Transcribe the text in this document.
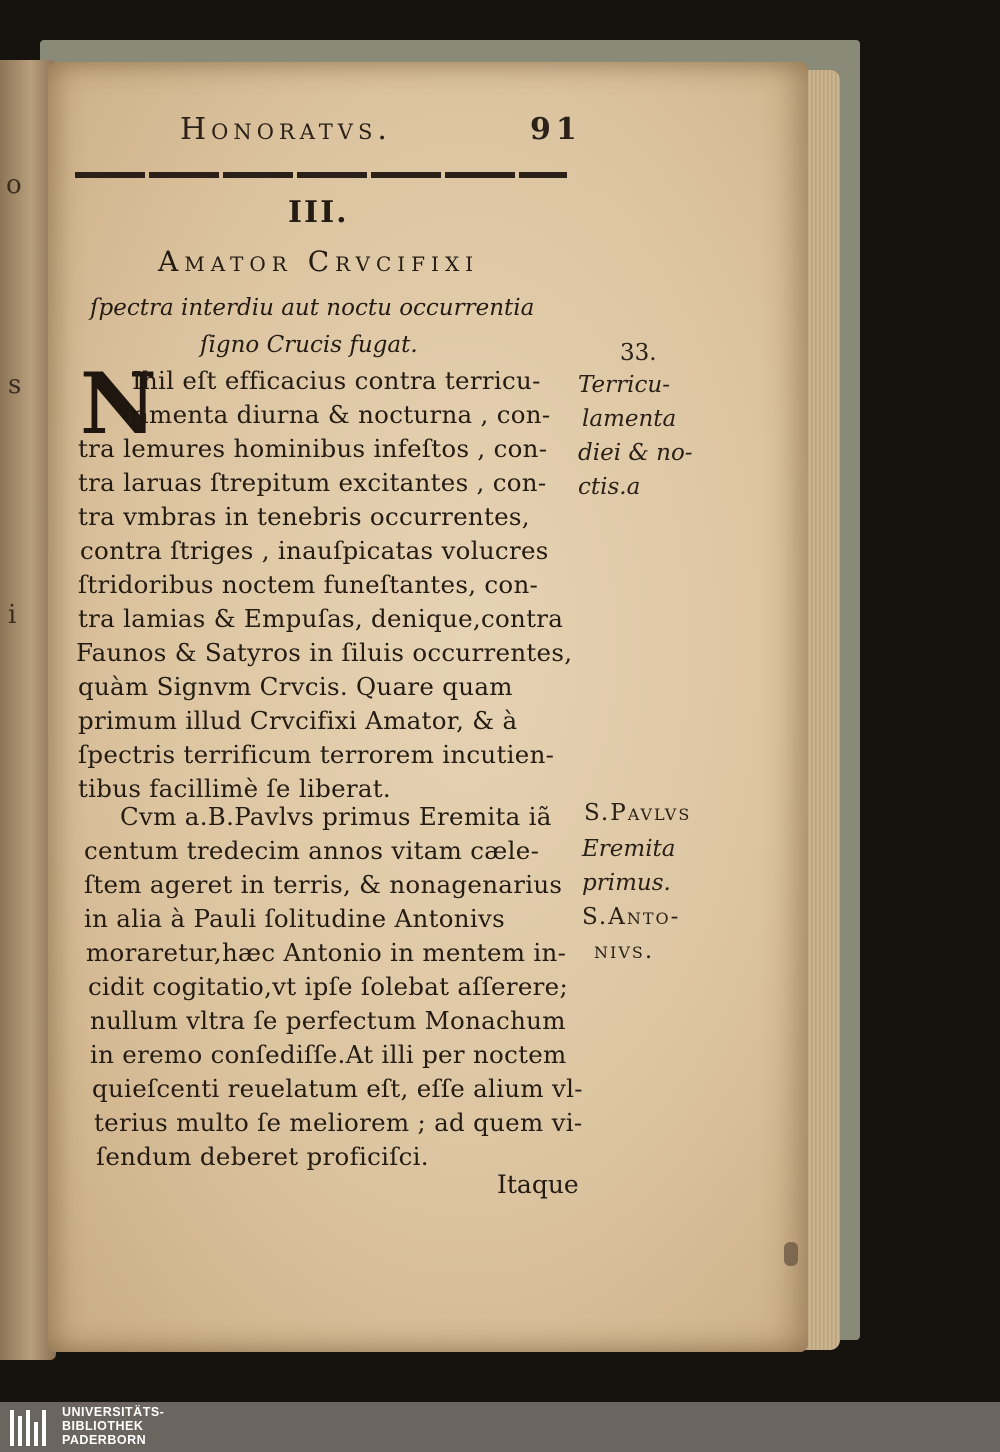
o
s
i
Honoratvs.	91
III.
Amator Crvcifixi
ſpectra interdiu aut noctu occurrentia
ſigno Crucis fugat.
N
Ihil eſt efficacius contra terricu-
lamenta diurna & nocturna , con-
tra lemures hominibus infeſtos , con-
tra laruas ſtrepitum excitantes , con-
tra vmbras in tenebris occurrentes,
contra ſtriges , inauſpicatas volucres
ſtridoribus noctem funeſtantes, con-
tra lamias & Empuſas, denique,contra
Faunos & Satyros in ſiluis occurrentes,
quàm Signvm Crvcis. Quare quam
primum illud Crvcifixi Amator, & à
ſpectris terrificum terrorem incutien-
tibus facillimè ſe liberat.
Cvm a.B.Pavlvs primus Eremita iã
centum tredecim annos vitam cæle-
ſtem ageret in terris, & nonagenarius
in alia à Pauli ſolitudine Antonivs
moraretur,hæc Antonio in mentem in-
cidit cogitatio,vt ipſe ſolebat aſſerere;
nullum vltra ſe perfectum Monachum
in eremo conſediſſe.At illi per noctem
quieſcenti reuelatum eſt, eſſe alium vl-
terius multo ſe meliorem ; ad quem vi-
ſendum deberet proficiſci.
33.
Terricu-
lamenta
diei & no-
ctis.a
S.Pavlvs
Eremita
primus.
S.Anto-
nivs.
Itaque
UNIVERSITÄTS-
BIBLIOTHEK
PADERBORN
